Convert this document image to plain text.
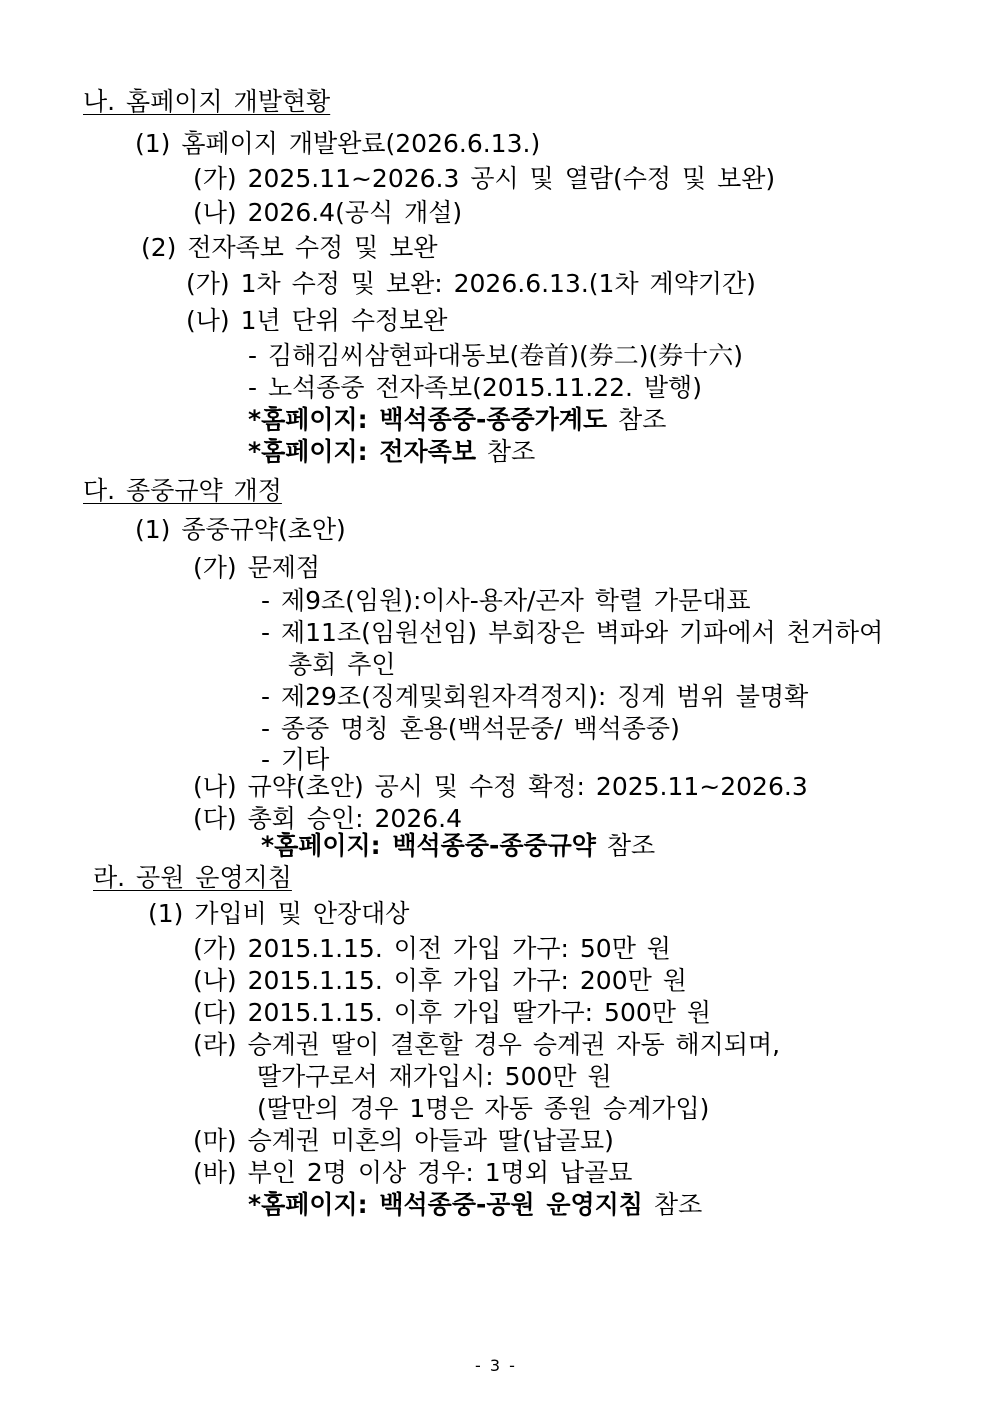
나. 홈페이지 개발현황
(1) 홈페이지 개발완료(2026.6.13.)
(가) 2025.11~2026.3 공시 및 열람(수정 및 보완)
(나) 2026.4(공식 개설)
(2) 전자족보 수정 및 보완
(가) 1차 수정 및 보완: 2026.6.13.(1차 계약기간)
(나) 1년 단위 수정보완
- 김해김씨삼현파대동보(卷首)(券二)(券十六)
- 노석종중 전자족보(2015.11.22. 발행)
*홈페이지: 백석종중-종중가계도 참조
*홈페이지: 전자족보 참조
다. 종중규약 개정
(1) 종중규약(초안)
(가) 문제점
- 제9조(임원):이사-용자/곤자 학렬 가문대표
- 제11조(임원선임) 부회장은 벽파와 기파에서 천거하여
총회 추인
- 제29조(징계및회원자격정지): 징계 범위 불명확
- 종중 명칭 혼용(백석문중/ 백석종중)
- 기타
(나) 규약(초안) 공시 및 수정 확정: 2025.11~2026.3
(다) 총회 승인: 2026.4
*홈페이지: 백석종중-종중규약 참조
라. 공원 운영지침
(1) 가입비 및 안장대상
(가) 2015.1.15. 이전 가입 가구: 50만 원
(나) 2015.1.15. 이후 가입 가구: 200만 원
(다) 2015.1.15. 이후 가입 딸가구: 500만 원
(라) 승계권 딸이 결혼할 경우 승계권 자동 해지되며,
딸가구로서 재가입시: 500만 원
(딸만의 경우 1명은 자동 종원 승계가입)
(마) 승계권 미혼의 아들과 딸(납골묘)
(바) 부인 2명 이상 경우: 1명외 납골묘
*홈페이지: 백석종중-공원 운영지침 참조
- 3 -
